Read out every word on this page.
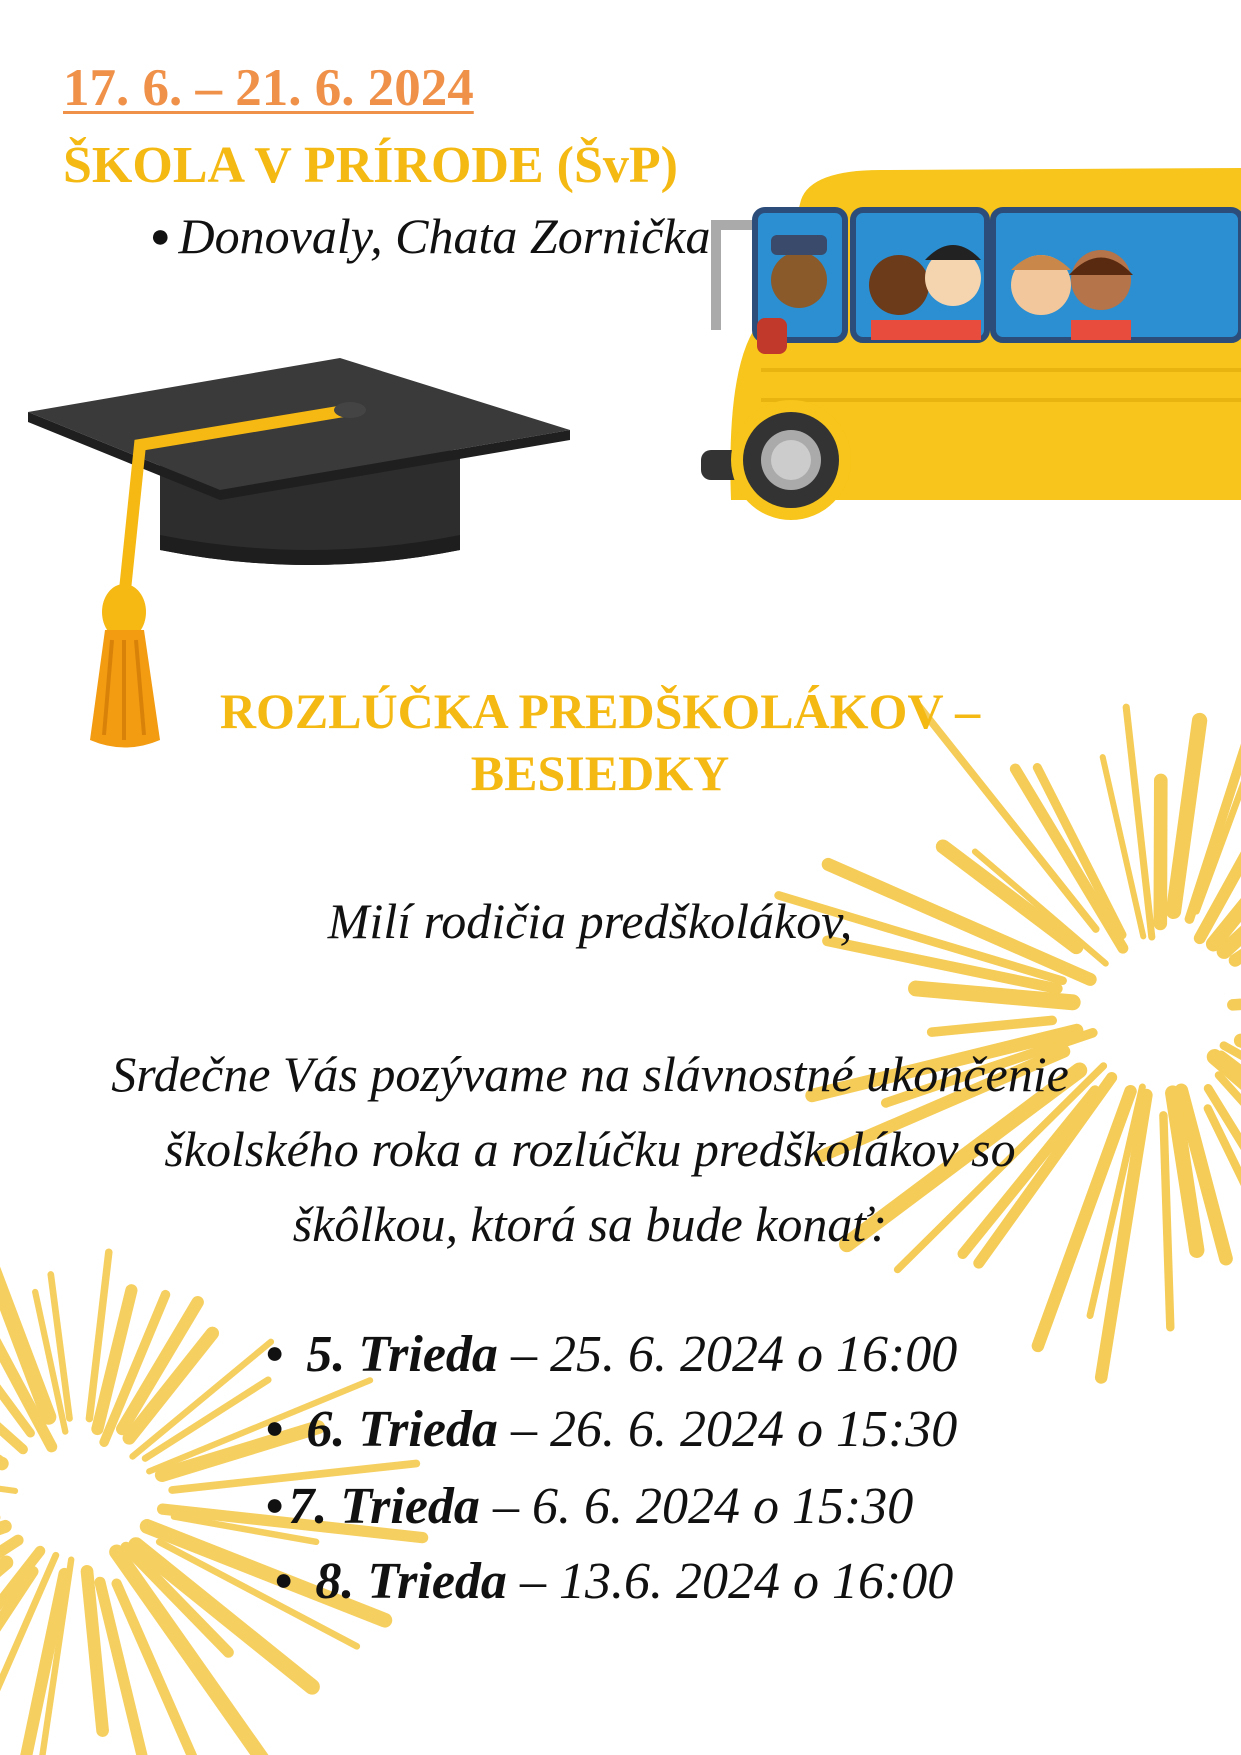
17. 6. – 21. 6. 2024
ŠKOLA V PRÍRODE (ŠvP)
● Donovaly, Chata Zornička
ROZLÚČKA PREDŠKOLÁKOV –
BESIEDKY
Milí rodičia predškolákov,
Srdečne Vás pozývame na slávnostné ukončenie
školského roka a rozlúčku predškolákov so
škôlkou, ktorá sa bude konať:
● 5. Trieda – 25. 6. 2024 o 16:00
● 6. Trieda – 26. 6. 2024 o 15:30
●7. Trieda – 6. 6. 2024 o 15:30
● 8. Trieda – 13.6. 2024 o 16:00
